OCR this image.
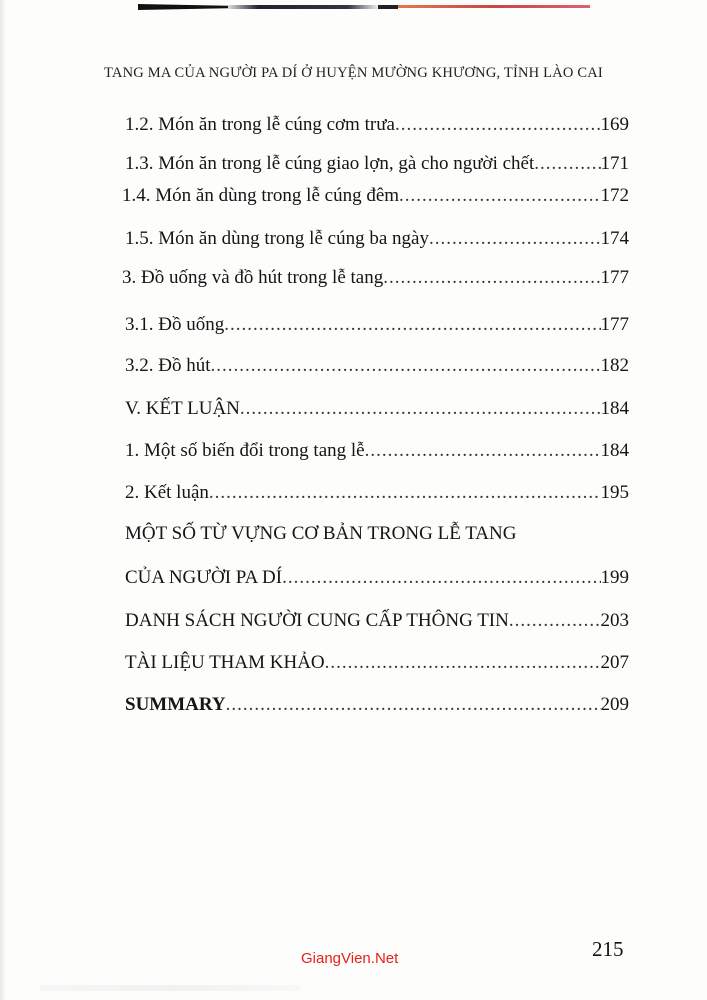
TANG MA CỦA NGƯỜI PA DÍ Ở HUYỆN MƯỜNG KHƯƠNG, TỈNH LÀO CAI
1.2. Món ăn trong lễ cúng cơm trưa .....	169
1.3. Món ăn trong lễ cúng giao lợn, gà cho người chết .....	171
1.4. Món ăn dùng trong lễ cúng đêm .....	172
1.5. Món ăn dùng trong lễ cúng ba ngày .....	174
3. Đồ uống và đồ hút trong lễ tang .....	177
3.1. Đồ uống .....	177
3.2. Đồ hút .....	182
V. KẾT LUẬN .....	184
1. Một số biến đổi trong tang lễ .....	184
2. Kết luận .....	195
MỘT SỐ TỪ VỰNG CƠ BẢN TRONG LỄ TANG
CỦA NGƯỜI PA DÍ .....	199
DANH SÁCH NGƯỜI CUNG CẤP THÔNG TIN .....	203
TÀI LIỆU THAM KHẢO .....	207
SUMMARY .....	209
215
GiangVien.Net
